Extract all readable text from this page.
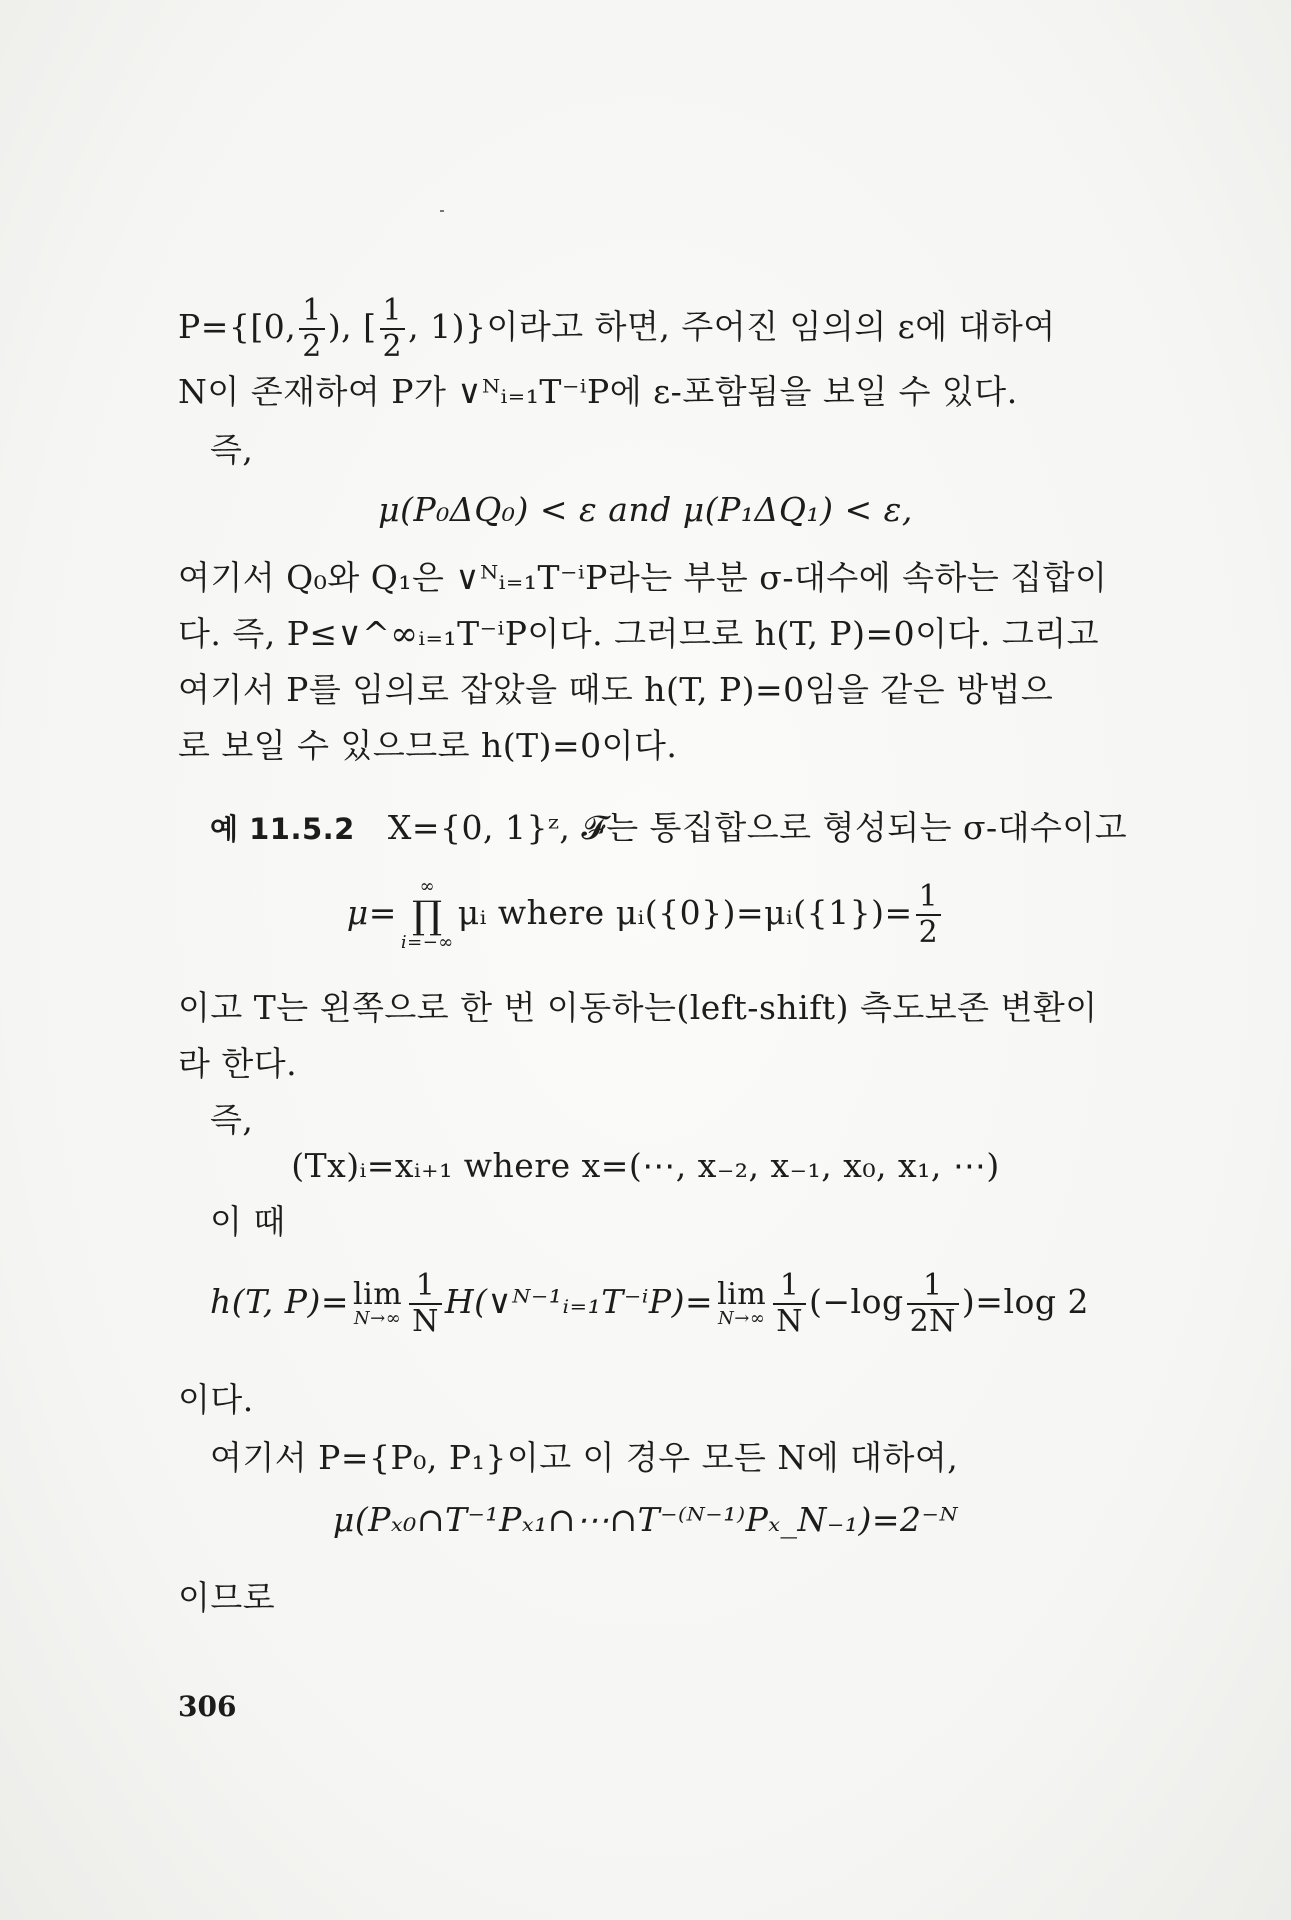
P={[0, $\frac{1}{2}$ ), [ $\frac{1}{2}$ , 1)}이라고 하면, 주어진 임의의 ε에 대하여
N이 존재하여 P가 ∨ᴺᵢ₌₁T⁻ⁱP에 ε-포함됨을 보일 수 있다.
즉,
μ(P₀ΔQ₀) < ε and μ(P₁ΔQ₁) < ε,
여기서 Q₀와 Q₁은 ∨ᴺᵢ₌₁T⁻ⁱP라는 부분 σ-대수에 속하는 집합이
다. 즉, P≤∨^∞ᵢ₌₁T⁻ⁱP이다. 그러므로 h(T, P)=0이다. 그리고
여기서 P를 임의로 잡았을 때도 h(T, P)=0임을 같은 방법으
로 보일 수 있으므로 h(T)=0이다.
예 11.5.2 X={0, 1}ᶻ, 𝓕는 통집합으로 형성되는 σ-대수이고
μ=
∞
∏
i=−∞
μᵢ where μᵢ({0})=μᵢ({1})= $\frac{1}{2}$
이고 T는 왼쪽으로 한 번 이동하는(left-shift) 측도보존 변환이
라 한다.
즉,
(Tx)ᵢ=xᵢ₊₁ where x=(⋯, x₋₂, x₋₁, x₀, x₁, ⋯)
이 때
h(T, P)= lim
$N\to\infty \frac{1}{N}$ H(∨ᴺ⁻¹ᵢ₌₁T⁻ⁱP)= lim
$N\to\infty \frac{1}{N} (-\log \frac{1}{2N} )=\log$ 2
이다.
여기서 P={P₀, P₁}이고 이 경우 모든 N에 대하여,
μ(Pₓ₀∩T⁻¹Pₓ₁∩⋯∩T⁻⁽ᴺ⁻¹⁾Pₓ_N₋₁)=2⁻ᴺ
이므로
306
